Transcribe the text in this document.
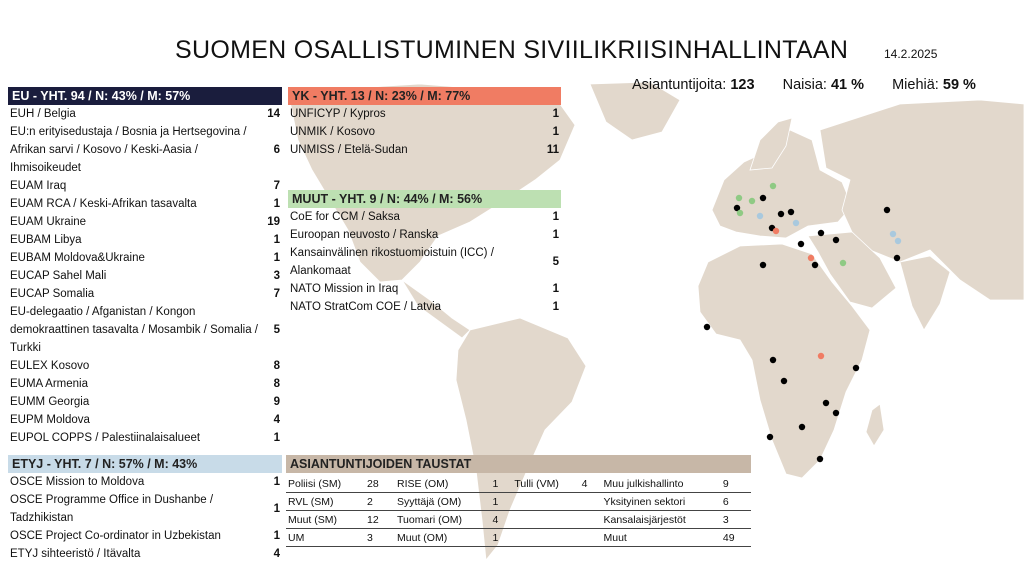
SUOMEN OSALLISTUMINEN SIVIILIKRIISINHALLINTAAN	14.2.2025
Asiantuntijoita: 123 Naisia: 41 % Miehiä: 59 %
EU - YHT. 94 / N: 43% / M: 57%
EUH / Belgia	14
EU:n erityisedustaja / Bosnia ja Hertsegovina / Afrikan sarvi / Kosovo / Keski-Aasia / Ihmisoikeudet
6
EUAM Iraq	7
EUAM RCA / Keski-Afrikan tasavalta	1
EUAM Ukraine	19
EUBAM Libya	1
EUBAM Moldova&Ukraine	1
EUCAP Sahel Mali	3
EUCAP Somalia	7
EU-delegaatio / Afganistan / Kongon demokraattinen tasavalta / Mosambik / Somalia / Turkki
5
EULEX Kosovo	8
EUMA Armenia	8
EUMM Georgia	9
EUPM Moldova	4
EUPOL COPPS / Palestiinalaisalueet	1
YK - YHT. 13 / N: 23% / M: 77%
UNFICYP / Kypros	1
UNMIK / Kosovo	1
UNMISS / Etelä-Sudan	11
MUUT - YHT. 9 / N: 44% / M: 56%
CoE for CCM / Saksa	1
Euroopan neuvosto / Ranska	1
Kansainvälinen rikostuomioistuin (ICC) / Alankomaat
5
NATO Mission in Iraq	1
NATO StratCom COE / Latvia	1
ETYJ - YHT. 7 / N: 57% / M: 43%
OSCE Mission to Moldova	1
OSCE Programme Office in Dushanbe / Tadzhikistan
1
OSCE Project Co-ordinator in Uzbekistan	1
ETYJ sihteeristö / Itävalta	4
ASIANTUNTIJOIDEN TAUSTAT
Poliisi (SM)	28	RISE (OM)	1	Tulli (VM)	4	Muu julkishallinto	9
RVL (SM)	2	Syyttäjä (OM)	1			Yksityinen sektori	6
Muut (SM)	12	Tuomari (OM)	4			Kansalaisjärjestöt	3
UM	3	Muut (OM)	1			Muut	49
